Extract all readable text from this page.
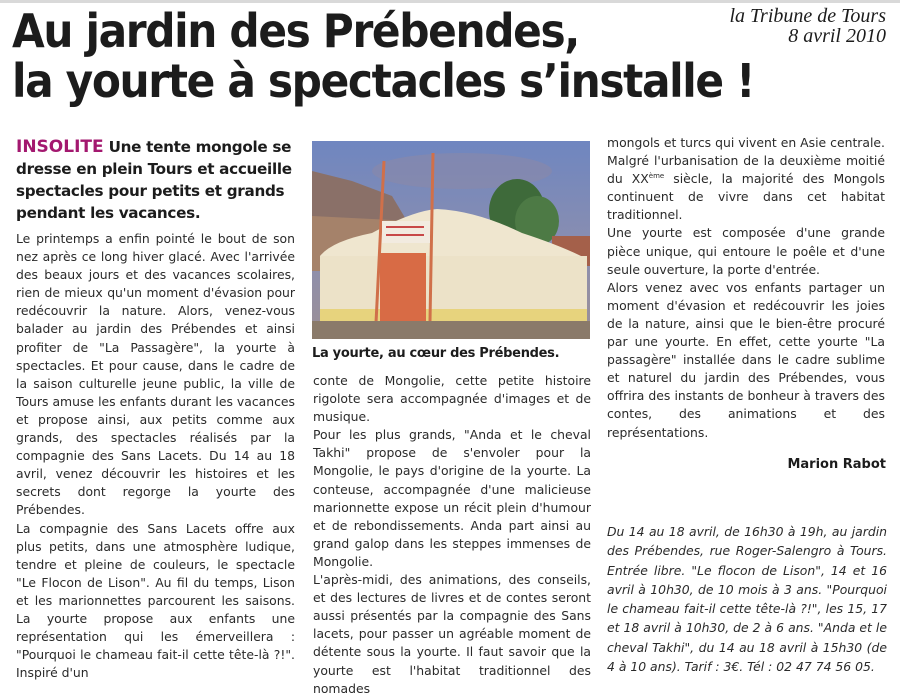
Au jardin des Prébendes,
la yourte à spectacles s’installe !
la Tribune de Tours
8 avril 2010

INSOLITE Une tente mongole se dresse en plein Tours et accueille spectacles pour petits et grands pendant les vacances.

Le printemps a enfin pointé le bout de son nez après ce long hiver glacé. Avec l'arrivée des beaux jours et des vacances scolaires, rien de mieux qu'un moment d'évasion pour redécouvrir la nature. Alors, venez-vous balader au jardin des Prébendes et ainsi profiter de "La Passagère", la yourte à spectacles. Et pour cause, dans le cadre de la saison culturelle jeune public, la ville de Tours amuse les enfants durant les vacances et propose ainsi, aux petits comme aux grands, des spectacles réalisés par la compagnie des Sans Lacets. Du 14 au 18 avril, venez découvrir les histoires et les secrets dont regorge la yourte des Prébendes.

La compagnie des Sans Lacets offre aux plus petits, dans une atmosphère ludique, tendre et pleine de couleurs, le spectacle "Le Flocon de Lison". Au fil du temps, Lison et les marionnettes parcourent les saisons. La yourte propose aux enfants une représentation qui les émerveillera : "Pourquoi le chameau fait-il cette tête-là ?!". Inspiré d'un

La yourte, au cœur des Prébendes.

conte de Mongolie, cette petite histoire rigolote sera accompagnée d'images et de musique.

Pour les plus grands, "Anda et le cheval Takhi" propose de s'envoler pour la Mongolie, le pays d'origine de la yourte. La conteuse, accompagnée d'une malicieuse marionnette expose un récit plein d'humour et de rebondissements. Anda part ainsi au grand galop dans les steppes immenses de Mongolie.

L'après-midi, des animations, des conseils, et des lectures de livres et de contes seront aussi présentés par la compagnie des Sans lacets, pour passer un agréable moment de détente sous la yourte. Il faut savoir que la yourte est l'habitat traditionnel des nomades

mongols et turcs qui vivent en Asie centrale. Malgré l'urbanisation de la deuxième moitié du XXème siècle, la majorité des Mongols continuent de vivre dans cet habitat traditionnel.

Une yourte est composée d'une grande pièce unique, qui entoure le poêle et d'une seule ouverture, la porte d'entrée.

Alors venez avec vos enfants partager un moment d'évasion et redécouvrir les joies de la nature, ainsi que le bien-être procuré par une yourte. En effet, cette yourte "La passagère" installée dans le cadre sublime et naturel du jardin des Prébendes, vous offrira des instants de bonheur à travers des contes, des animations et des représentations.

Marion Rabot
Du 14 au 18 avril, de 16h30 à 19h, au jardin des Prébendes, rue Roger-Salengro à Tours. Entrée libre. "Le flocon de Lison", 14 et 16 avril à 10h30, de 10 mois à 3 ans. "Pourquoi le chameau fait-il cette tête-là ?!", les 15, 17 et 18 avril à 10h30, de 2 à 6 ans. "Anda et le cheval Takhi", du 14 au 18 avril à 15h30 (de 4 à 10 ans). Tarif : 3€. Tél : 02 47 74 56 05.
